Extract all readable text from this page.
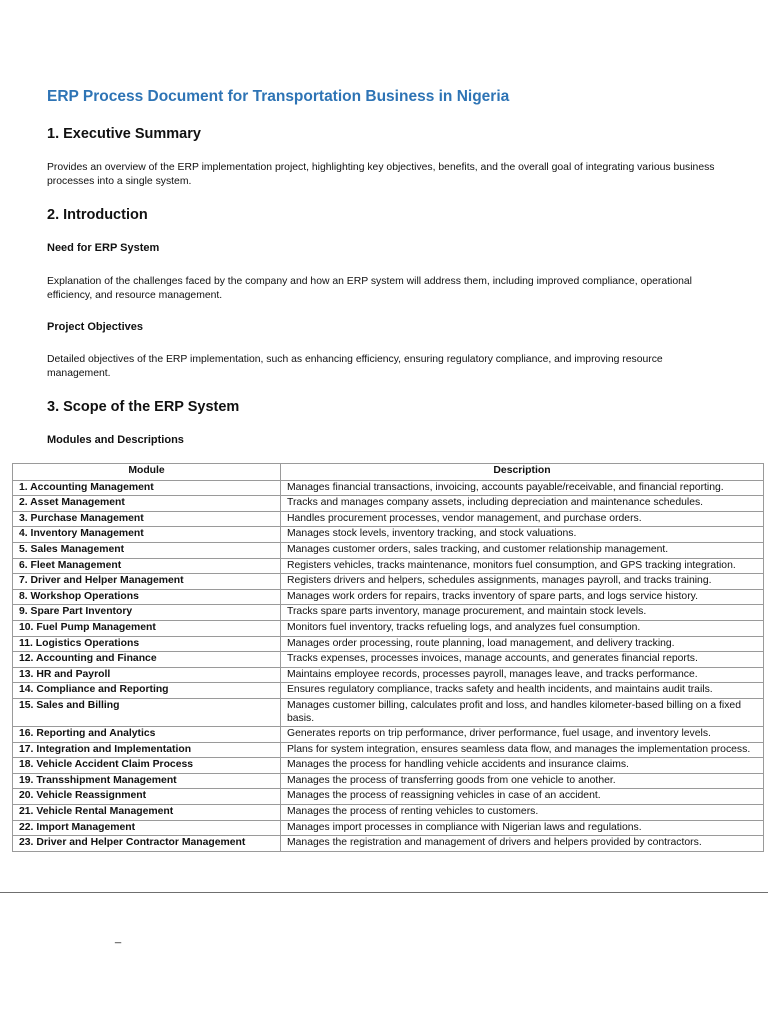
ERP Process Document for Transportation Business in Nigeria
1. Executive Summary

Provides an overview of the ERP implementation project, highlighting key objectives, benefits, and the overall goal of integrating various business processes into a single system.

2. Introduction
Need for ERP System

Explanation of the challenges faced by the company and how an ERP system will address them, including improved compliance, operational efficiency, and resource management.

Project Objectives

Detailed objectives of the ERP implementation, such as enhancing efficiency, ensuring regulatory compliance, and improving resource management.

3. Scope of the ERP System
Modules and Descriptions
Module	Description
1. Accounting Management	Manages financial transactions, invoicing, accounts payable/receivable, and financial reporting.
2. Asset Management	Tracks and manages company assets, including depreciation and maintenance schedules.
3. Purchase Management	Handles procurement processes, vendor management, and purchase orders.
4. Inventory Management	Manages stock levels, inventory tracking, and stock valuations.
5. Sales Management	Manages customer orders, sales tracking, and customer relationship management.
6. Fleet Management	Registers vehicles, tracks maintenance, monitors fuel consumption, and GPS tracking integration.
7. Driver and Helper Management	Registers drivers and helpers, schedules assignments, manages payroll, and tracks training.
8. Workshop Operations	Manages work orders for repairs, tracks inventory of spare parts, and logs service history.
9. Spare Part Inventory	Tracks spare parts inventory, manage procurement, and maintain stock levels.
10. Fuel Pump Management	Monitors fuel inventory, tracks refueling logs, and analyzes fuel consumption.
11. Logistics Operations	Manages order processing, route planning, load management, and delivery tracking.
12. Accounting and Finance	Tracks expenses, processes invoices, manage accounts, and generates financial reports.
13. HR and Payroll	Maintains employee records, processes payroll, manages leave, and tracks performance.
14. Compliance and Reporting	Ensures regulatory compliance, tracks safety and health incidents, and maintains audit trails.
15. Sales and Billing	Manages customer billing, calculates profit and loss, and handles kilometer-based billing on a fixed basis.
16. Reporting and Analytics	Generates reports on trip performance, driver performance, fuel usage, and inventory levels.
17. Integration and Implementation	Plans for system integration, ensures seamless data flow, and manages the implementation process.
18. Vehicle Accident Claim Process	Manages the process for handling vehicle accidents and insurance claims.
19. Transshipment Management	Manages the process of transferring goods from one vehicle to another.
20. Vehicle Reassignment	Manages the process of reassigning vehicles in case of an accident.
21. Vehicle Rental Management	Manages the process of renting vehicles to customers.
22. Import Management	Manages import processes in compliance with Nigerian laws and regulations.
23. Driver and Helper Contractor Management	Manages the registration and management of drivers and helpers provided by contractors.
_
